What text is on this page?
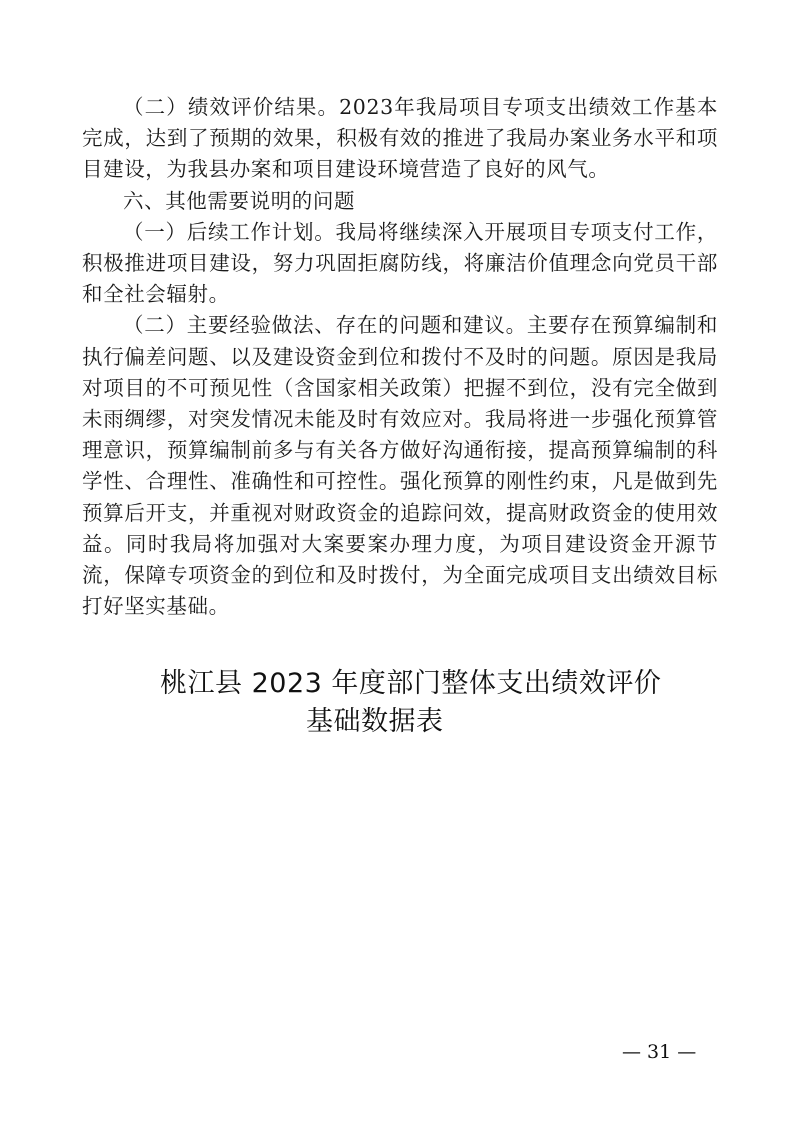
（二）绩效评价结果。2023年我局项目专项支出绩效工作基本完成，达到了预期的效果，积极有效的推进了我局办案业务水平和项目建设，为我县办案和项目建设环境营造了良好的风气。

六、其他需要说明的问题

（一）后续工作计划。我局将继续深入开展项目专项支付工作，积极推进项目建设，努力巩固拒腐防线，将廉洁价值理念向党员干部和全社会辐射。

（二）主要经验做法、存在的问题和建议。主要存在预算编制和执行偏差问题、以及建设资金到位和拨付不及时的问题。原因是我局对项目的不可预见性（含国家相关政策）把握不到位，没有完全做到未雨绸缪，对突发情况未能及时有效应对。我局将进一步强化预算管理意识，预算编制前多与有关各方做好沟通衔接，提高预算编制的科学性、合理性、准确性和可控性。强化预算的刚性约束，凡是做到先预算后开支，并重视对财政资金的追踪问效，提高财政资金的使用效益。同时我局将加强对大案要案办理力度，为项目建设资金开源节流，保障专项资金的到位和及时拨付，为全面完成项目支出绩效目标打好坚实基础。

桃江县 2023 年度部门整体支出绩效评价
基础数据表
— 31 —
